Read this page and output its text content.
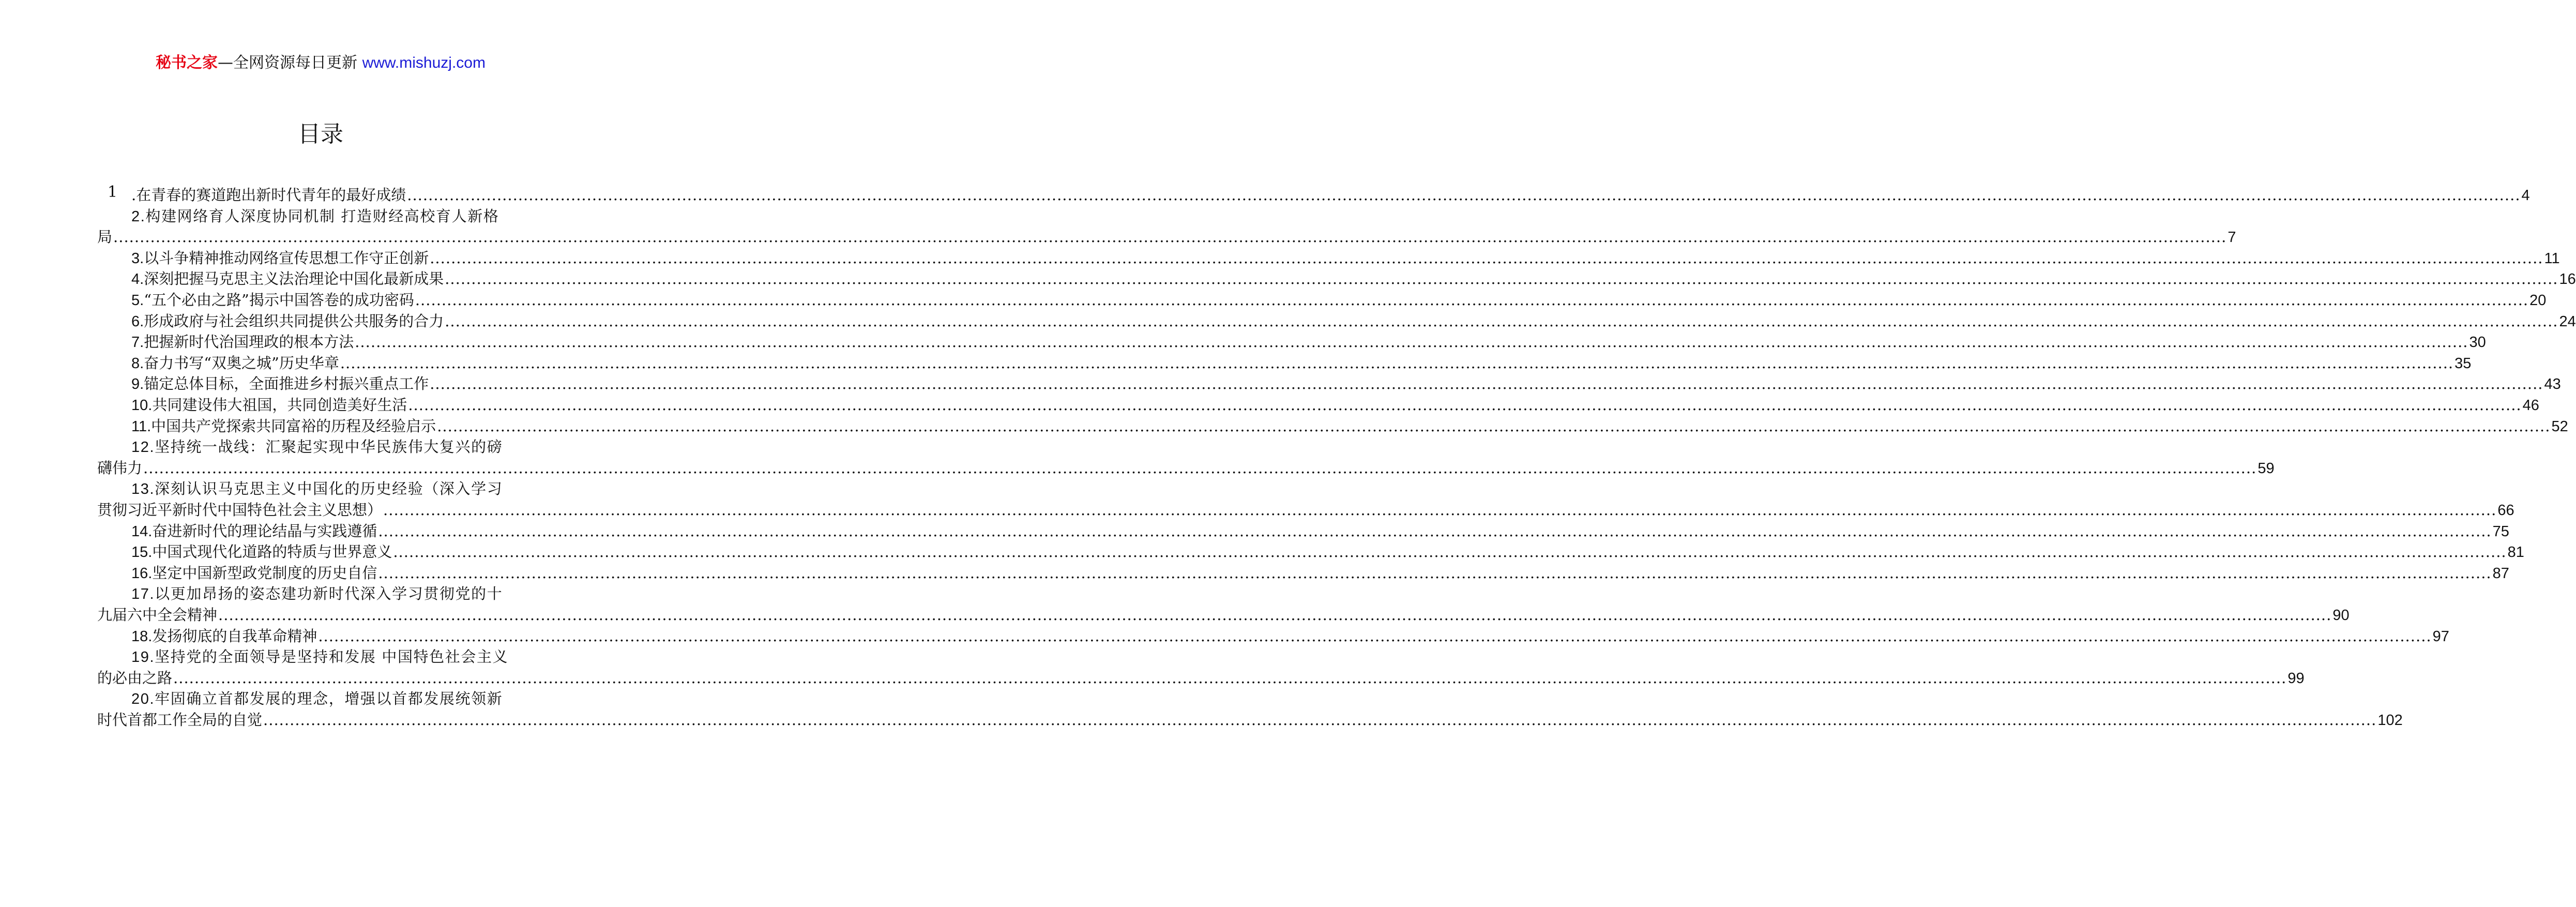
秘书之家—全网资源每日更新 www.mishuzj.com
目录
1 .在青春的赛道跑出新时代青年的最好成绩 ................................................................................................................................................................................................................................................................................................................................................................................................................ 4
2.构建网络育人深度协同机制 打造财经高校育人新格
局 ................................................................................................................................................................................................................................................................................................................................................................................................................ 7
3.以斗争精神推动网络宣传思想工作守正创新 ................................................................................................................................................................................................................................................................................................................................................................................................................ 11
4.深刻把握马克思主义法治理论中国化最新成果 ................................................................................................................................................................................................................................................................................................................................................................................................................ 16
5.“五个必由之路”揭示中国答卷的成功密码 ................................................................................................................................................................................................................................................................................................................................................................................................................ 20
6.形成政府与社会组织共同提供公共服务的合力 ................................................................................................................................................................................................................................................................................................................................................................................................................ 24
7.把握新时代治国理政的根本方法 ................................................................................................................................................................................................................................................................................................................................................................................................................ 30
8.奋力书写“双奥之城”历史华章 ................................................................................................................................................................................................................................................................................................................................................................................................................ 35
9.锚定总体目标，全面推进乡村振兴重点工作 ................................................................................................................................................................................................................................................................................................................................................................................................................ 43
10.共同建设伟大祖国，共同创造美好生活 ................................................................................................................................................................................................................................................................................................................................................................................................................ 46
11.中国共产党探索共同富裕的历程及经验启示 ................................................................................................................................................................................................................................................................................................................................................................................................................ 52
12.坚持统一战线：汇聚起实现中华民族伟大复兴的磅
礴伟力 ................................................................................................................................................................................................................................................................................................................................................................................................................ 59
13.深刻认识马克思主义中国化的历史经验（深入学习
贯彻习近平新时代中国特色社会主义思想） ................................................................................................................................................................................................................................................................................................................................................................................................................ 66
14.奋进新时代的理论结晶与实践遵循 ................................................................................................................................................................................................................................................................................................................................................................................................................ 75
15.中国式现代化道路的特质与世界意义 ................................................................................................................................................................................................................................................................................................................................................................................................................ 81
16.坚定中国新型政党制度的历史自信 ................................................................................................................................................................................................................................................................................................................................................................................................................ 87
17.以更加昂扬的姿态建功新时代深入学习贯彻党的十
九届六中全会精神 ................................................................................................................................................................................................................................................................................................................................................................................................................ 90
18.发扬彻底的自我革命精神 ................................................................................................................................................................................................................................................................................................................................................................................................................ 97
19.坚持党的全面领导是坚持和发展 中国特色社会主义
的必由之路 ................................................................................................................................................................................................................................................................................................................................................................................................................ 99
20.牢固确立首都发展的理念，增强以首都发展统领新
时代首都工作全局的自觉 ................................................................................................................................................................................................................................................................................................................................................................................................................ 102
